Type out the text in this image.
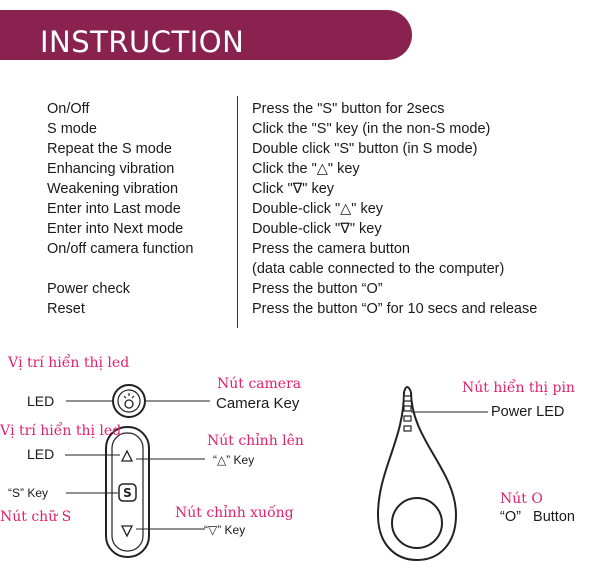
INSTRUCTION
On/Off	Press the "S" button for 2secs
S mode	Click the "S" key (in the non-S mode)
Repeat the S mode	Double click "S" button (in S mode)
Enhancing vibration	Click the "△" key
Weakening vibration	Click "∇" key
Enter into Last mode	Double-click "△" key
Enter into Next mode	Double-click "∇" key
On/off camera function	Press the camera button
(data cable connected to the computer)
Power check	Press the button “O”
Reset	Press the button “O” for 10 secs and release
S
Vị trí hiển thị led
LED
Nút camera
Camera Key
Vị trí hiển thị led
LED
Nút chỉnh lên
“△” Key
“S” Key
Nút chữ S	Nút chỉnh xuống
“▽” Key
Nút hiển thị pin
Power LED
Nút O
“O”   Button
